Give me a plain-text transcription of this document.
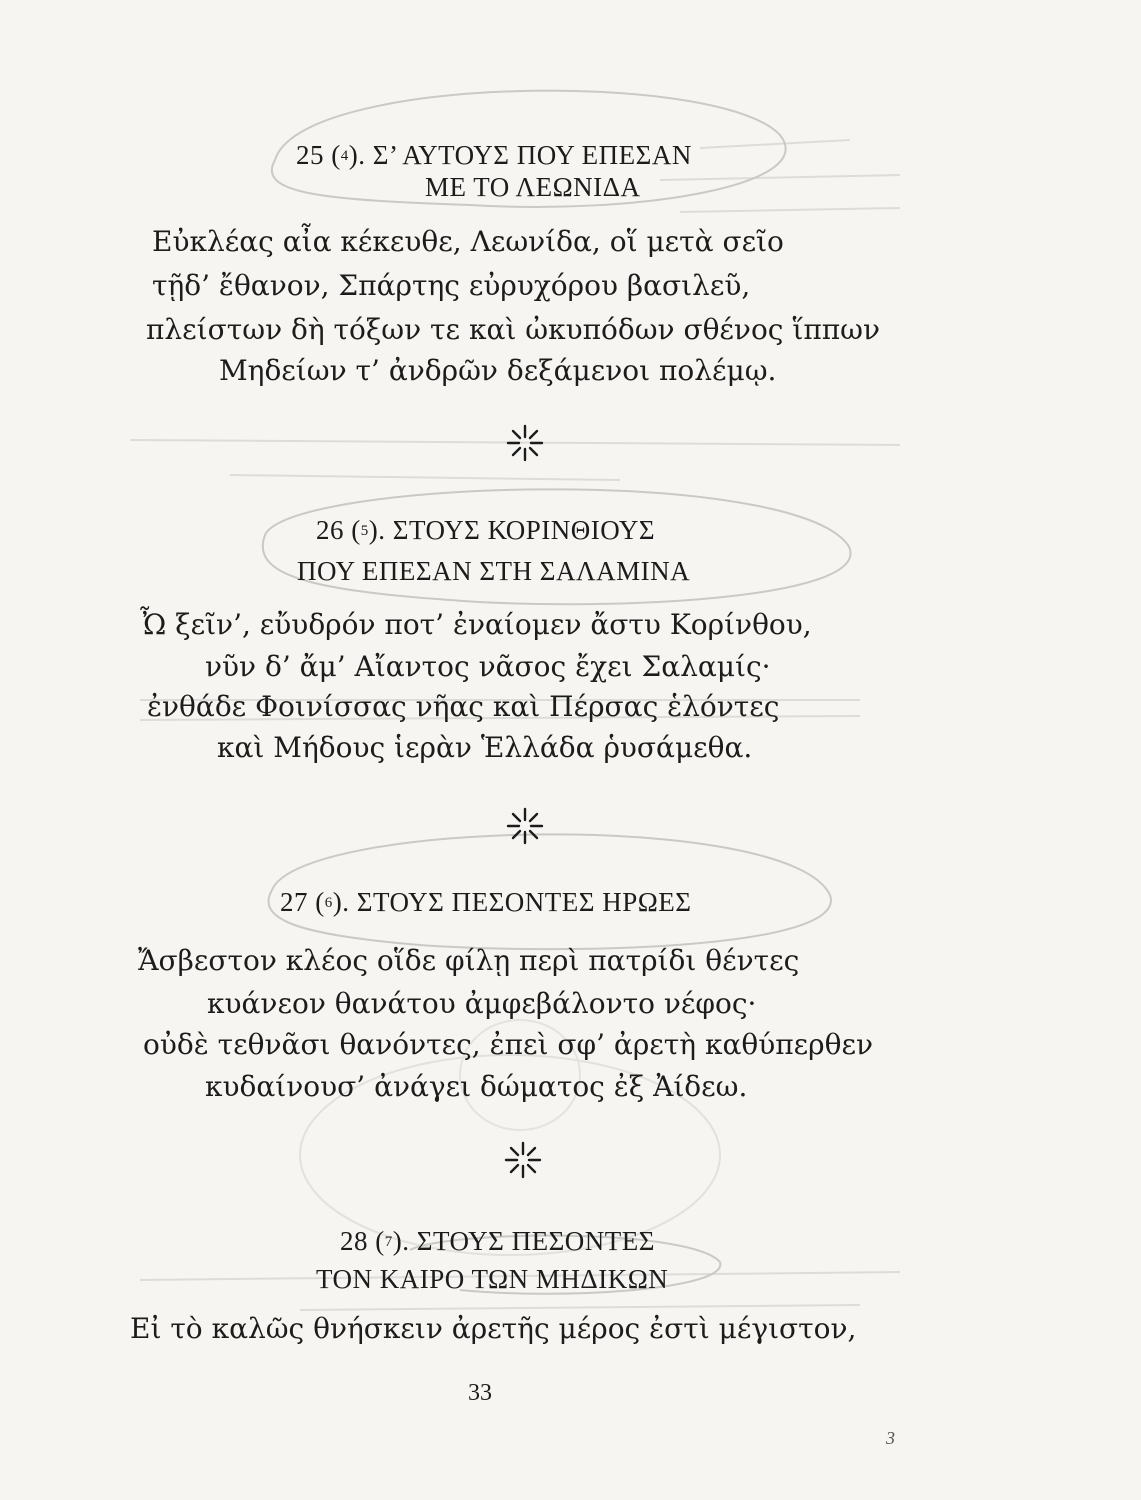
25 (4). Σ’ ΑΥΤΟΥΣ ΠΟΥ ΕΠΕΣΑΝ
ΜΕ ΤΟ ΛΕΩΝΙΔΑ
Εὐκλέας αἶα κέκευθε, Λεωνίδα, οἵ μετὰ σεῖο
τῇδ’ ἔθανον, Σπάρτης εὐρυχόρου βασιλεῦ,
πλείστων δὴ τόξων τε καὶ ὠκυπόδων σθένος ἵππων
Μηδείων τ’ ἀνδρῶν δεξάμενοι πολέμῳ.
26 (5). ΣΤΟΥΣ ΚΟΡΙΝΘΙΟΥΣ
ΠΟΥ ΕΠΕΣΑΝ ΣΤΗ ΣΑΛΑΜΙΝΑ
Ὦ ξεῖν’, εὔυδρόν ποτ’ ἐναίομεν ἄστυ Κορίνθου,
νῦν δ’ ἄμ’ Αἴαντος νᾶσος ἔχει Σαλαμίς·
ἐνθάδε Φοινίσσας νῆας καὶ Πέρσας ἑλόντες
καὶ Μήδους ἱερὰν Ἑλλάδα ῥυσάμεθα.
27 (6). ΣΤΟΥΣ ΠΕΣΟΝΤΕΣ ΗΡΩΕΣ
Ἄσβεστον κλέος οἵδε φίλῃ περὶ πατρίδι θέντες
κυάνεον θανάτου ἀμφεβάλοντο νέφος·
οὐδὲ τεθνᾶσι θανόντες, ἐπεὶ σφ’ ἀρετὴ καθύπερθεν
κυδαίνουσ’ ἀνάγει δώματος ἐξ Ἀίδεω.
28 (7). ΣΤΟΥΣ ΠΕΣΟΝΤΕΣ
ΤΟΝ ΚΑΙΡΟ ΤΩΝ ΜΗΔΙΚΩΝ
Εἰ τὸ καλῶς θνήσκειν ἀρετῆς μέρος ἐστὶ μέγιστον,
33
3
